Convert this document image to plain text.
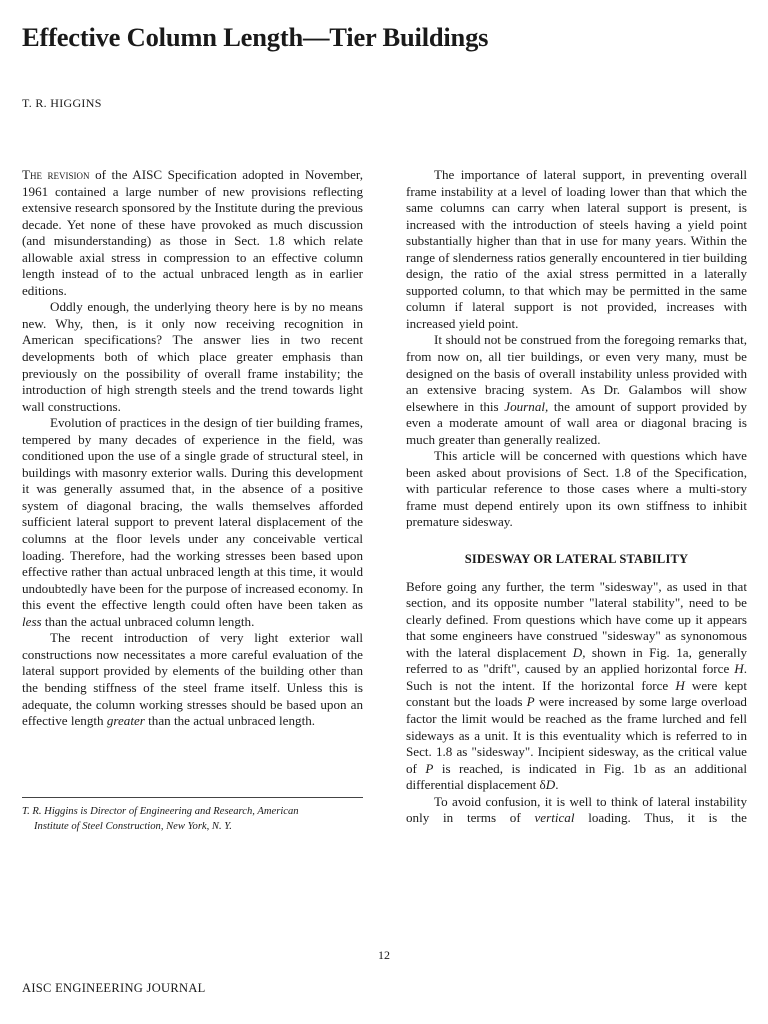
Effective Column Length—Tier Buildings
T. R. HIGGINS

The revision of the AISC Specification adopted in November, 1961 contained a large number of new provisions reflecting extensive research sponsored by the Institute during the previous decade. Yet none of these have provoked as much discussion (and misunderstanding) as those in Sect. 1.8 which relate allowable axial stress in compression to an effective column length instead of to the actual unbraced length as in earlier editions.

Oddly enough, the underlying theory here is by no means new. Why, then, is it only now receiving recognition in American specifications? The answer lies in two recent developments both of which place greater emphasis than previously on the possibility of overall frame instability; the introduction of high strength steels and the trend towards light wall constructions.

Evolution of practices in the design of tier building frames, tempered by many decades of experience in the field, was conditioned upon the use of a single grade of structural steel, in buildings with masonry exterior walls. During this development it was generally assumed that, in the absence of a positive system of diagonal bracing, the walls themselves afforded sufficient lateral support to prevent lateral displacement of the columns at the floor levels under any conceivable vertical loading. Therefore, had the working stresses been based upon effective rather than actual unbraced length at this time, it would undoubtedly have been for the purpose of increased economy. In this event the effective length could often have been taken as less than the actual unbraced column length.

The recent introduction of very light exterior wall constructions now necessitates a more careful evaluation of the lateral support provided by elements of the building other than the bending stiffness of the steel frame itself. Unless this is adequate, the column working stresses should be based upon an effective length greater than the actual unbraced length.

The importance of lateral support, in preventing overall frame instability at a level of loading lower than that which the same columns can carry when lateral support is present, is increased with the introduction of steels having a yield point substantially higher than that in use for many years. Within the range of slenderness ratios generally encountered in tier building design, the ratio of the axial stress permitted in a laterally supported column, to that which may be permitted in the same column if lateral support is not provided, increases with increased yield point.

It should not be construed from the foregoing remarks that, from now on, all tier buildings, or even very many, must be designed on the basis of overall instability unless provided with an extensive bracing system. As Dr. Galambos will show elsewhere in this Journal, the amount of support provided by even a moderate amount of wall area or diagonal bracing is much greater than generally realized.

This article will be concerned with questions which have been asked about provisions of Sect. 1.8 of the Specification, with particular reference to those cases where a multi-story frame must depend entirely upon its own stiffness to inhibit premature sidesway.

SIDESWAY OR LATERAL STABILITY

Before going any further, the term "sidesway", as used in that section, and its opposite number "lateral stability", need to be clearly defined. From questions which have come up it appears that some engineers have construed "sidesway" as synonomous with the lateral displacement D, shown in Fig. 1a, generally referred to as "drift", caused by an applied horizontal force H. Such is not the intent. If the horizontal force H were kept constant but the loads P were increased by some large overload factor the limit would be reached as the frame lurched and fell sideways as a unit. It is this eventuality which is referred to in Sect. 1.8 as "sidesway". Incipient sidesway, as the critical value of P is reached, is indicated in Fig. 1b as an additional differential displacement δD.

To avoid confusion, it is well to think of lateral instability only in terms of vertical loading. Thus, it is the

T. R. Higgins is Director of Engineering and Research, American
Institute of Steel Construction, New York, N. Y.
12
AISC ENGINEERING JOURNAL
